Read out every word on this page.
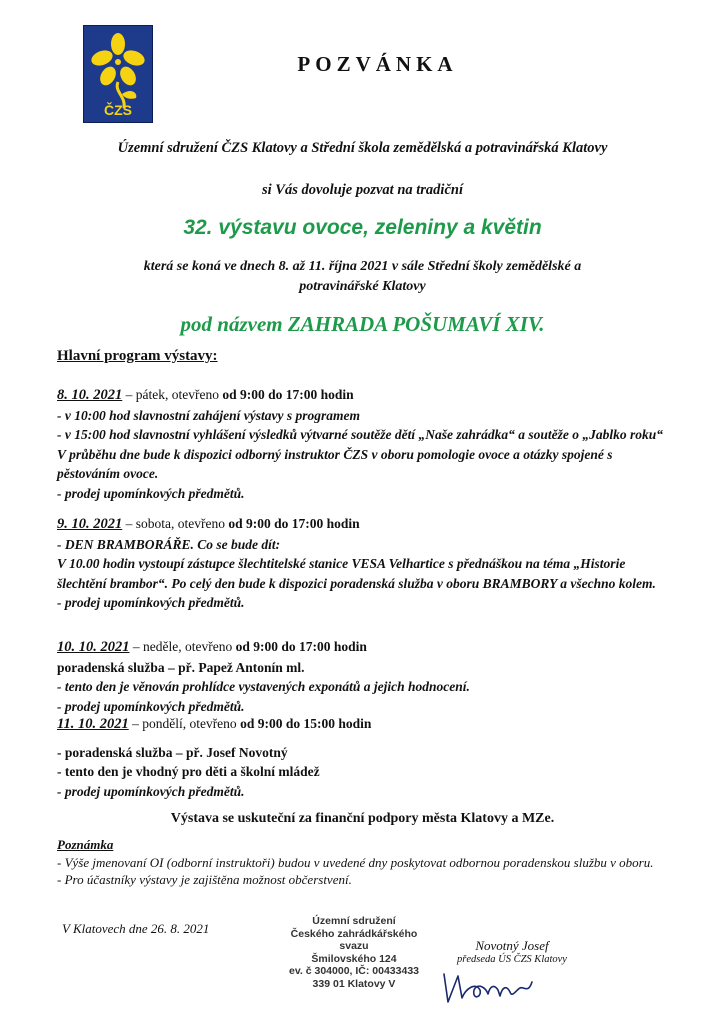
ČZS
POZVÁNKA
Územní sdružení ČZS Klatovy a Střední škola zemědělská a potravinářská Klatovy
si Vás dovoluje pozvat na tradiční
32. výstavu ovoce, zeleniny a květin
která se koná ve dnech 8. až 11. října 2021 v sále Střední školy zemědělské a
potravinářské Klatovy
pod názvem ZAHRADA POŠUMAVÍ XIV.
Hlavní program výstavy:

8. 10. 2021 – pátek, otevřeno od 9:00 do 17:00 hodin

- v 10:00 hod slavnostní zahájení výstavy s programem

- v 15:00 hod slavnostní vyhlášení výsledků výtvarné soutěže dětí „Naše zahrádka“ a soutěže o „Jablko roku“

V průběhu dne bude k dispozici odborný instruktor ČZS v oboru pomologie ovoce a otázky spojené s pěstováním ovoce.

- prodej upomínkových předmětů.

9. 10. 2021 – sobota, otevřeno od 9:00 do 17:00 hodin

- DEN BRAMBORÁŘE. Co se bude dít:

V 10.00 hodin vystoupí zástupce šlechtitelské stanice VESA Velhartice s přednáškou na téma „Historie šlechtění brambor“. Po celý den bude k dispozici poradenská služba v oboru BRAMBORY a všechno kolem.

- prodej upomínkových předmětů.

10. 10. 2021 – neděle, otevřeno od 9:00 do 17:00 hodin

poradenská služba – př. Papež Antonín ml.

- tento den je věnován prohlídce vystavených exponátů a jejich hodnocení.

- prodej upomínkových předmětů.

11. 10. 2021 – pondělí, otevřeno od 9:00 do 15:00 hodin

- poradenská služba – př. Josef Novotný

- tento den je vhodný pro děti a školní mládež

- prodej upomínkových předmětů.

Výstava se uskuteční za finanční podpory města Klatovy a MZe.

Poznámka

- Výše jmenovaní OI (odborní instruktoři) budou v uvedené dny poskytovat odbornou poradenskou službu v oboru.

- Pro účastníky výstavy je zajištěna možnost občerstvení.

V Klatovech dne 26. 8. 2021	Územní sdružení
Českého zahrádkářského svazu
Šmilovského 124
ev. č 304000, IČ: 00433433
339 01 Klatovy V
Novotný Josef
předseda ÚS ČZS Klatovy
